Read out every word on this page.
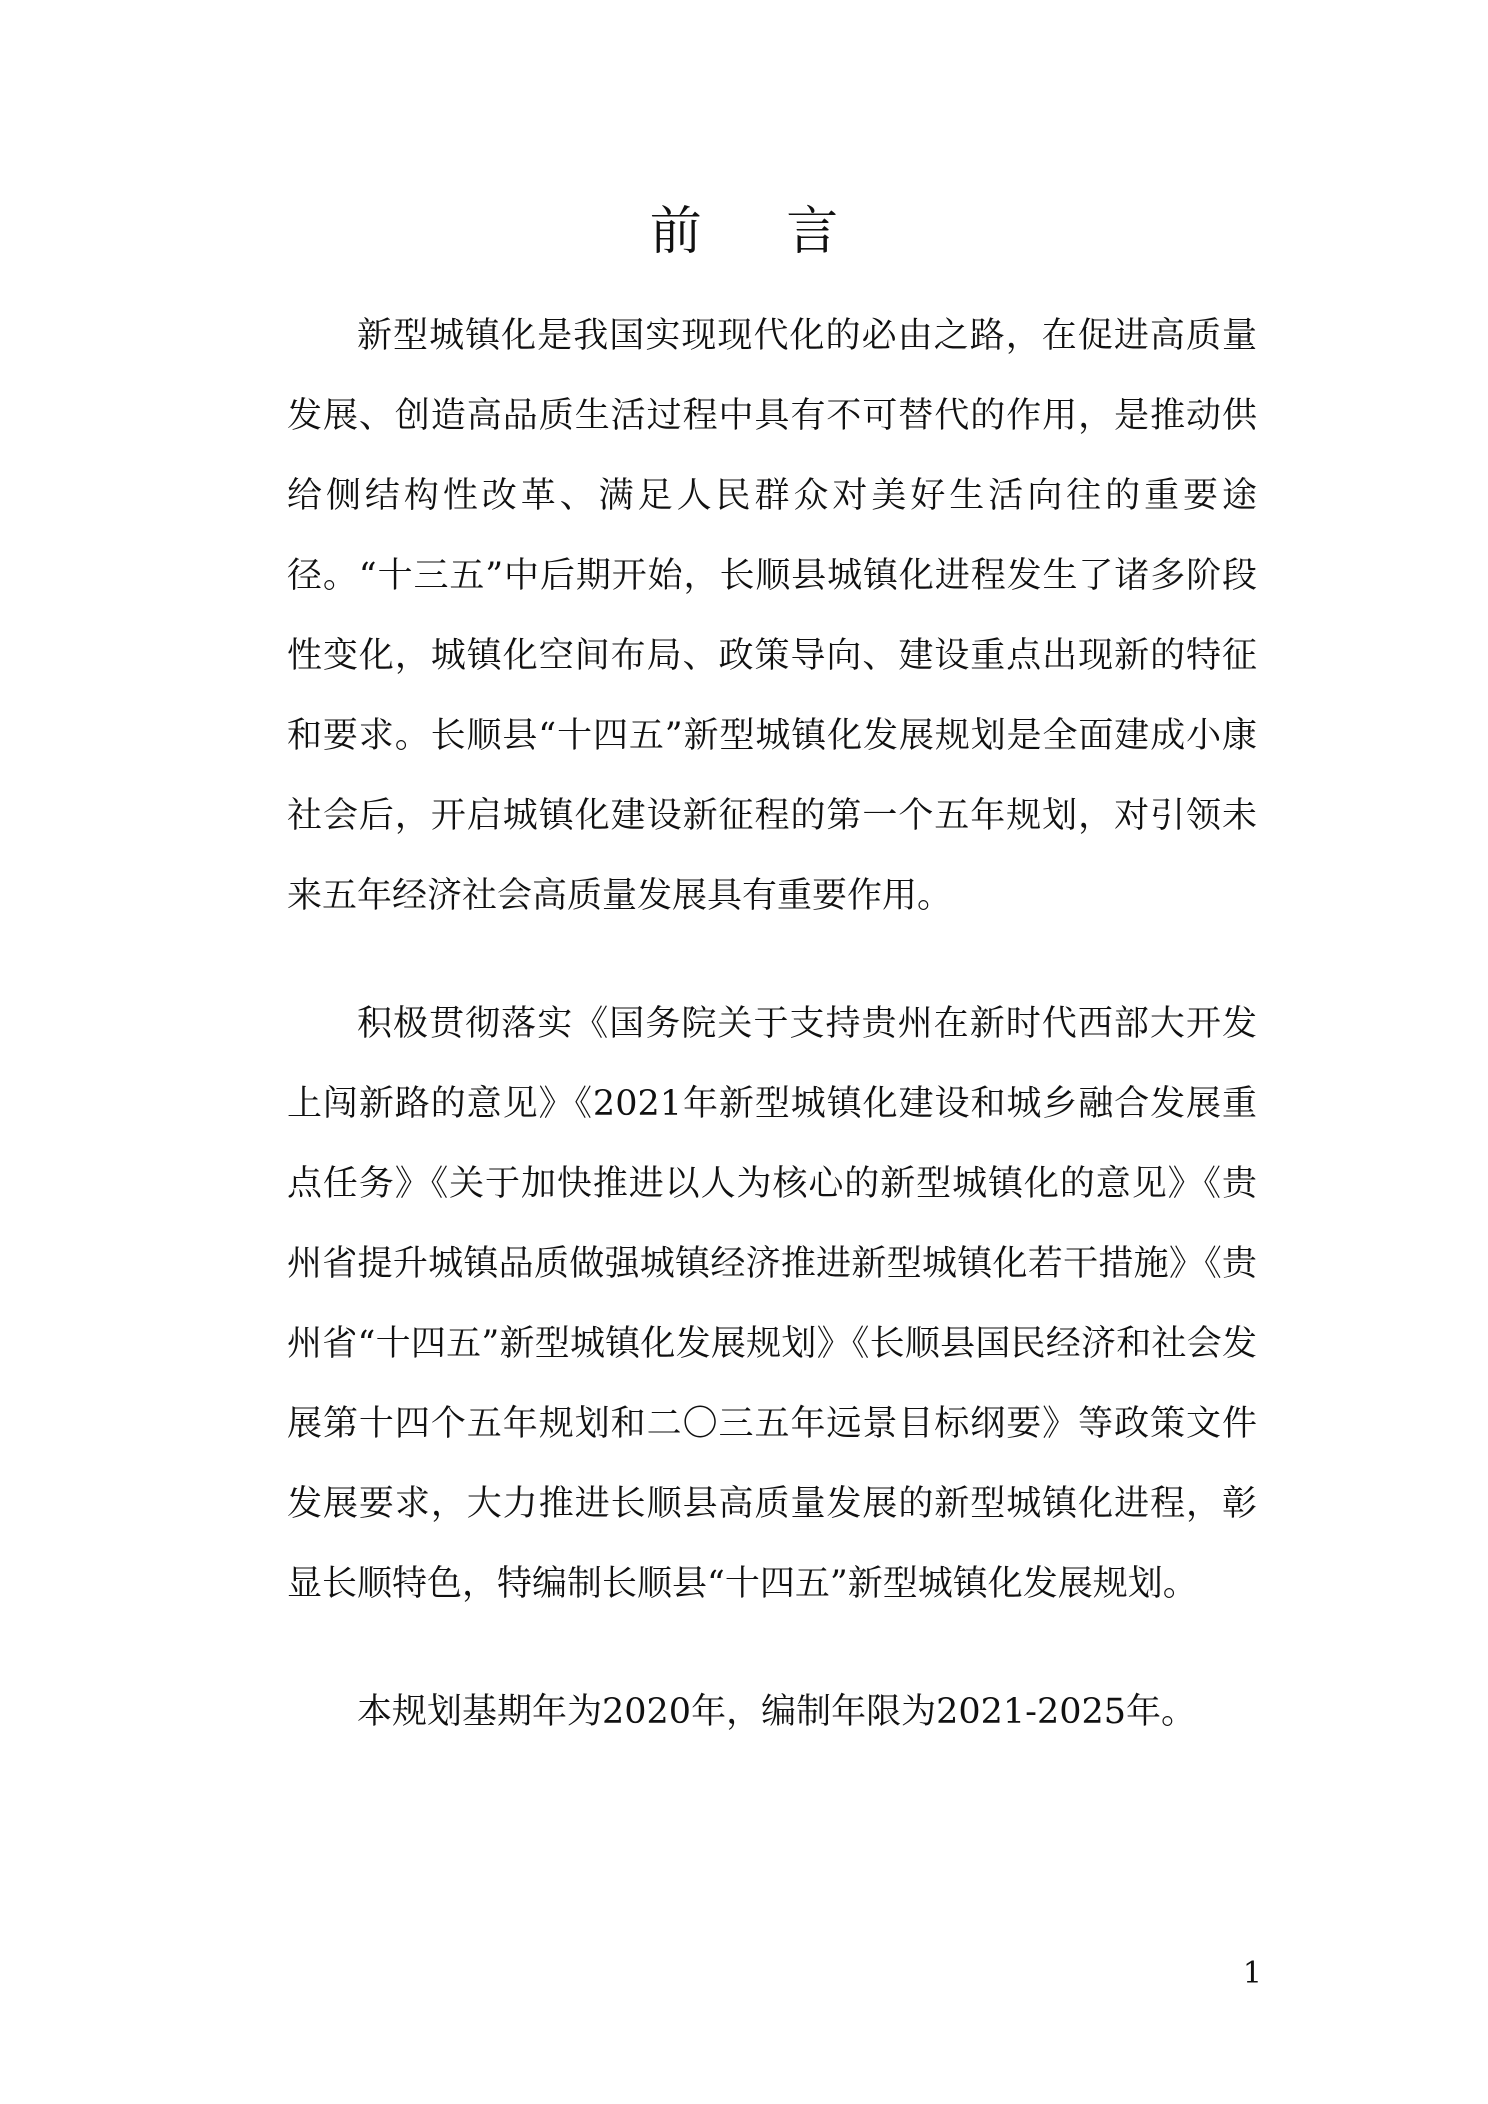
前 言

新型城镇化是我国实现现代化的必由之路，在促进高质量发展、创造高品质生活过程中具有不可替代的作用，是推动供给侧结构性改革、满足人民群众对美好生活向往的重要途径。“十三五”中后期开始，长顺县城镇化进程发生了诸多阶段性变化，城镇化空间布局、政策导向、建设重点出现新的特征和要求。长顺县“十四五”新型城镇化发展规划是全面建成小康社会后，开启城镇化建设新征程的第一个五年规划，对引领未来五年经济社会高质量发展具有重要作用。

积极贯彻落实《国务院关于支持贵州在新时代西部大开发上闯新路的意见》《2021年新型城镇化建设和城乡融合发展重点任务》《关于加快推进以人为核心的新型城镇化的意见》《贵州省提升城镇品质做强城镇经济推进新型城镇化若干措施》《贵州省“十四五”新型城镇化发展规划》《长顺县国民经济和社会发展第十四个五年规划和二〇三五年远景目标纲要》等政策文件发展要求，大力推进长顺县高质量发展的新型城镇化进程，彰显长顺特色，特编制长顺县“十四五”新型城镇化发展规划。

本规划基期年为2020年，编制年限为2021-2025年。

1
